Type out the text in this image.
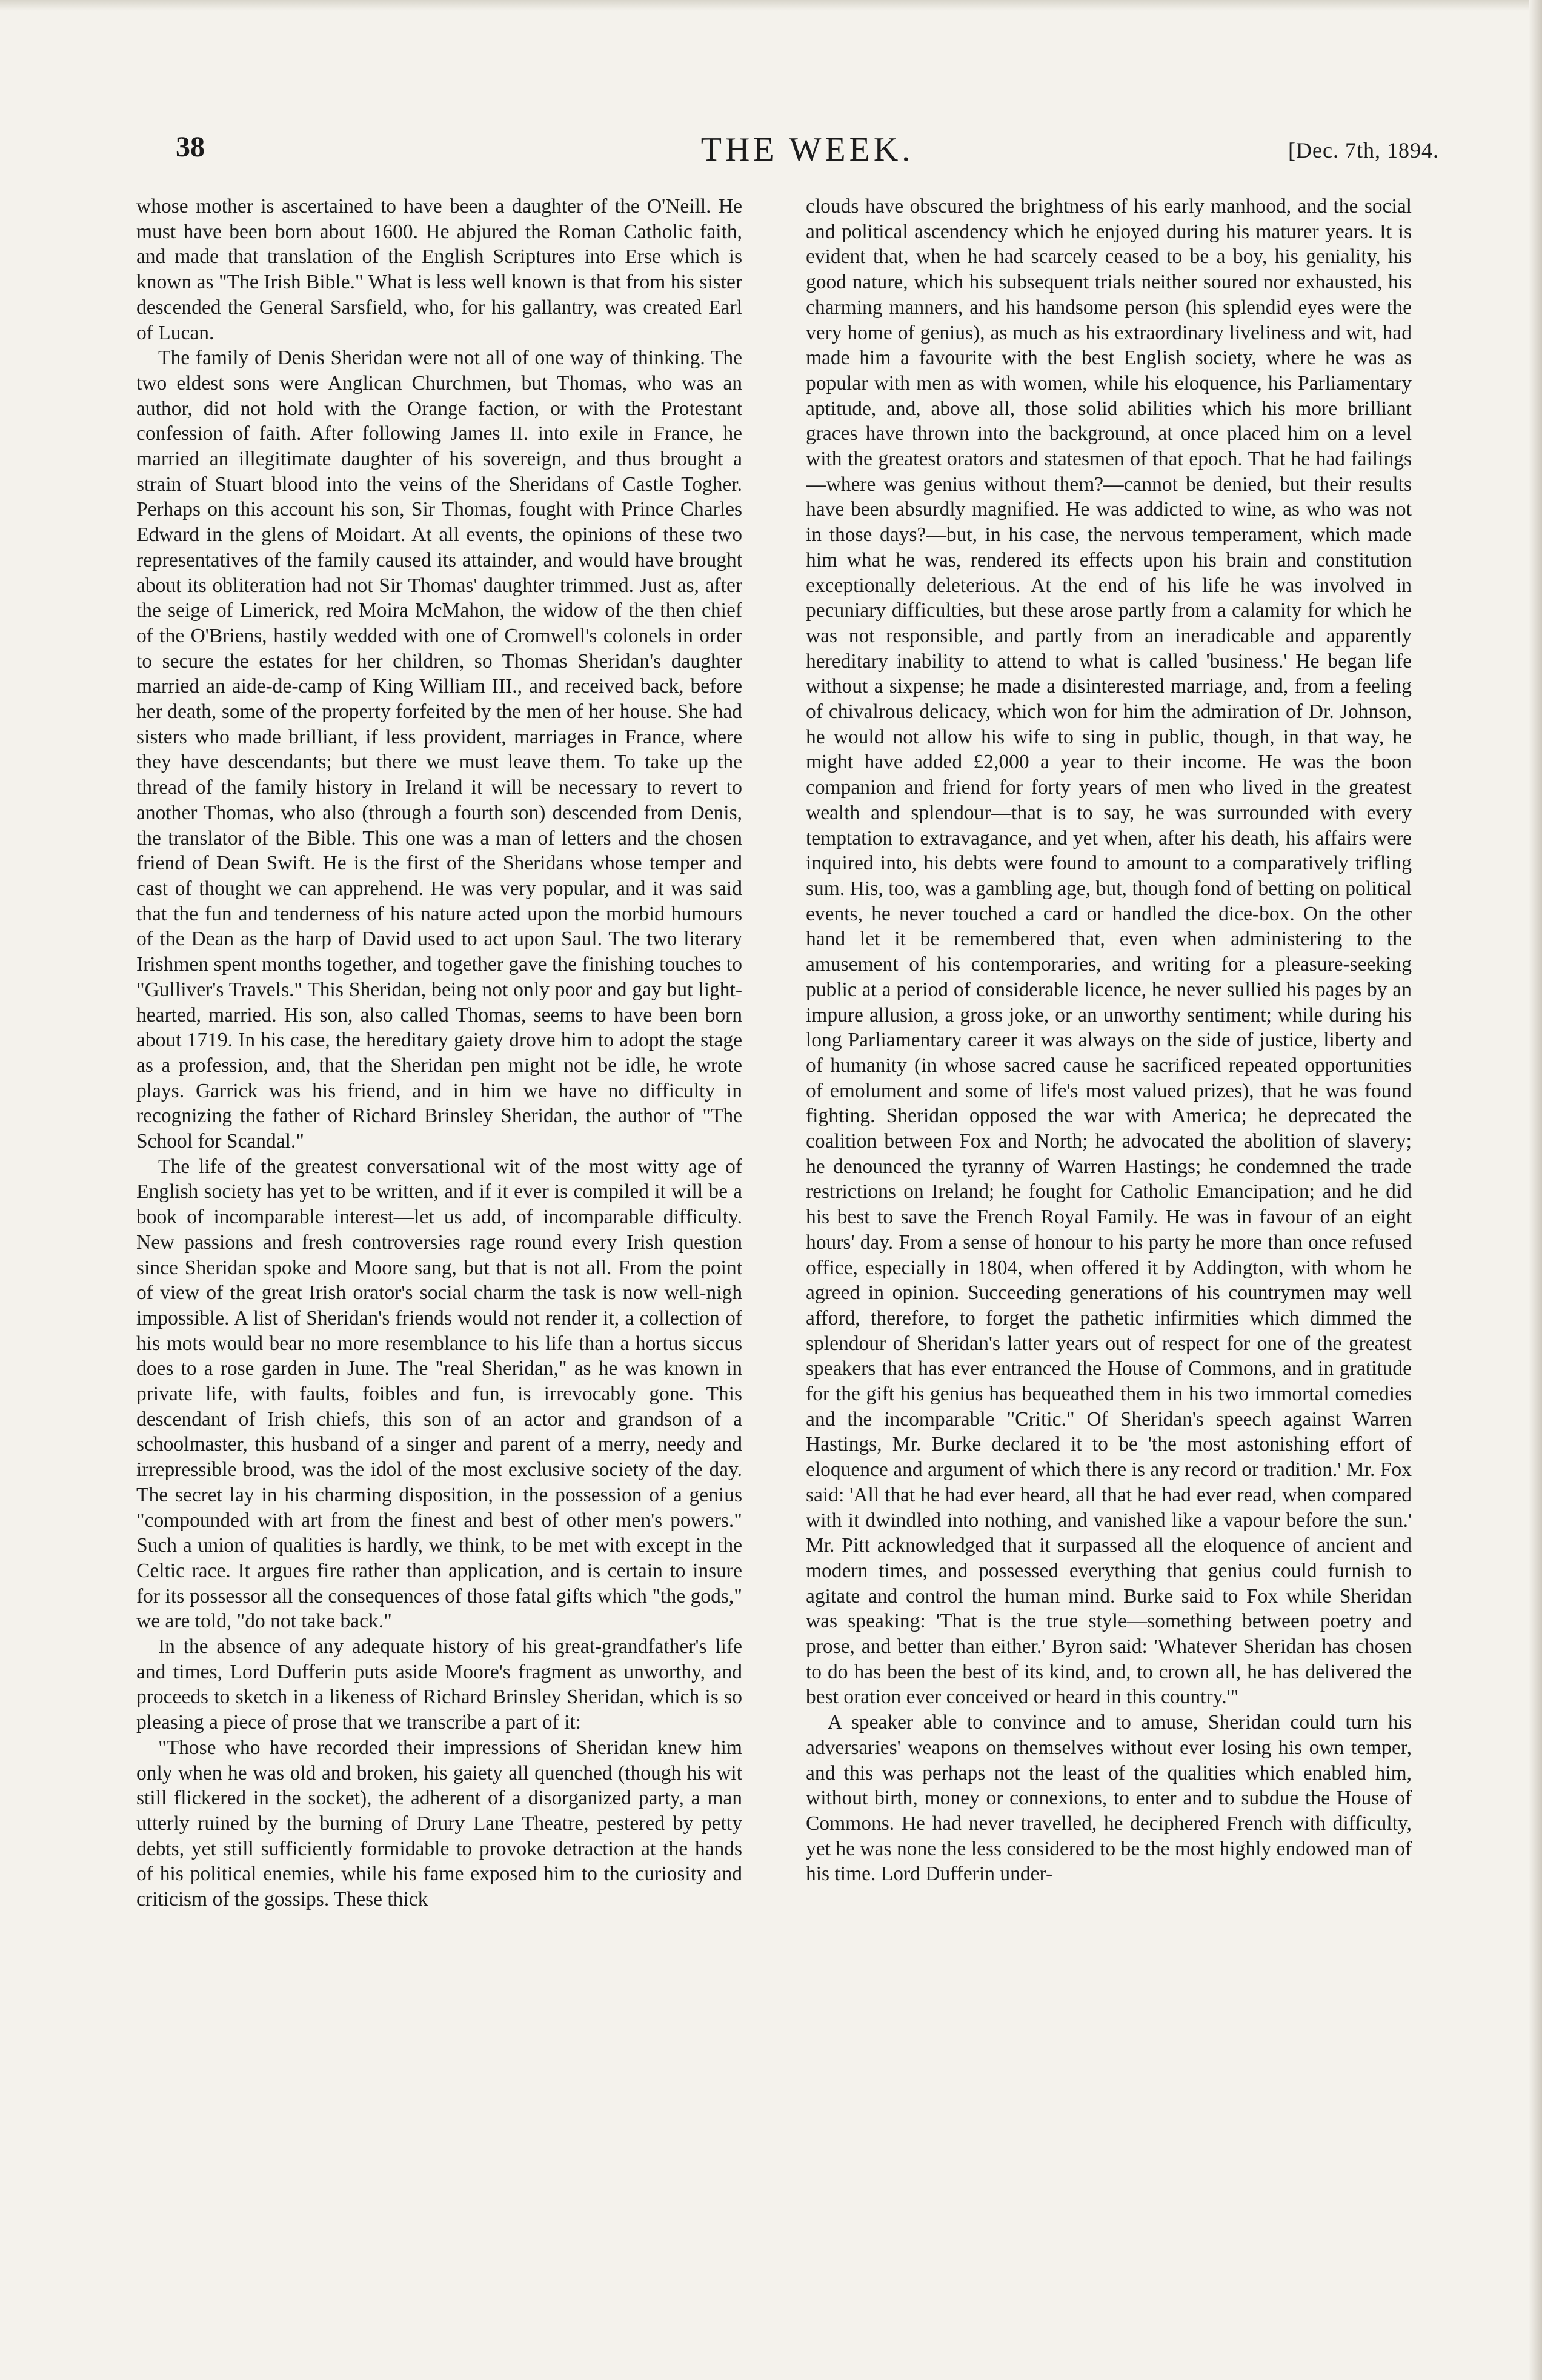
38	THE WEEK.	[Dec. 7th, 1894.

whose mother is ascertained to have been a daughter of the O'Neill. He must have been born about 1600. He abjured the Roman Catholic faith, and made that translation of the English Scriptures into Erse which is known as "The Irish Bible." What is less well known is that from his sister descended the General Sarsfield, who, for his gallantry, was created Earl of Lucan.

The family of Denis Sheridan were not all of one way of thinking. The two eldest sons were Anglican Churchmen, but Thomas, who was an author, did not hold with the Orange faction, or with the Protestant confession of faith. After following James II. into exile in France, he married an illegitimate daughter of his sovereign, and thus brought a strain of Stuart blood into the veins of the Sheridans of Castle Togher. Perhaps on this account his son, Sir Thomas, fought with Prince Charles Edward in the glens of Moidart. At all events, the opinions of these two representatives of the family caused its attainder, and would have brought about its obliteration had not Sir Thomas' daughter trimmed. Just as, after the seige of Limerick, red Moira McMahon, the widow of the then chief of the O'Briens, hastily wedded with one of Cromwell's colonels in order to secure the estates for her children, so Thomas Sheridan's daughter married an aide-de-camp of King William III., and received back, before her death, some of the property forfeited by the men of her house. She had sisters who made brilliant, if less provident, marriages in France, where they have descendants; but there we must leave them. To take up the thread of the family history in Ireland it will be necessary to revert to another Thomas, who also (through a fourth son) descended from Denis, the translator of the Bible. This one was a man of letters and the chosen friend of Dean Swift. He is the first of the Sheridans whose temper and cast of thought we can apprehend. He was very popular, and it was said that the fun and tenderness of his nature acted upon the morbid humours of the Dean as the harp of David used to act upon Saul. The two literary Irishmen spent months together, and together gave the finishing touches to "Gulliver's Travels." This Sheridan, being not only poor and gay but light-hearted, married. His son, also called Thomas, seems to have been born about 1719. In his case, the hereditary gaiety drove him to adopt the stage as a profession, and, that the Sheridan pen might not be idle, he wrote plays. Garrick was his friend, and in him we have no difficulty in recognizing the father of Richard Brinsley Sheridan, the author of "The School for Scandal."

The life of the greatest conversational wit of the most witty age of English society has yet to be written, and if it ever is compiled it will be a book of incomparable interest—let us add, of incomparable difficulty. New passions and fresh controversies rage round every Irish question since Sheridan spoke and Moore sang, but that is not all. From the point of view of the great Irish orator's social charm the task is now well-nigh impossible. A list of Sheridan's friends would not render it, a collection of his mots would bear no more resemblance to his life than a hortus siccus does to a rose garden in June. The "real Sheridan," as he was known in private life, with faults, foibles and fun, is irrevocably gone. This descendant of Irish chiefs, this son of an actor and grandson of a schoolmaster, this husband of a singer and parent of a merry, needy and irrepressible brood, was the idol of the most exclusive society of the day. The secret lay in his charming disposition, in the possession of a genius "compounded with art from the finest and best of other men's powers." Such a union of qualities is hardly, we think, to be met with except in the Celtic race. It argues fire rather than application, and is certain to insure for its possessor all the consequences of those fatal gifts which "the gods," we are told, "do not take back."

In the absence of any adequate history of his great-grandfather's life and times, Lord Dufferin puts aside Moore's fragment as unworthy, and proceeds to sketch in a likeness of Richard Brinsley Sheridan, which is so pleasing a piece of prose that we transcribe a part of it:

"Those who have recorded their impressions of Sheridan knew him only when he was old and broken, his gaiety all quenched (though his wit still flickered in the socket), the adherent of a disorganized party, a man utterly ruined by the burning of Drury Lane Theatre, pestered by petty debts, yet still sufficiently formidable to provoke detraction at the hands of his political enemies, while his fame exposed him to the curiosity and criticism of the gossips. These thick

clouds have obscured the brightness of his early manhood, and the social and political ascendency which he enjoyed during his maturer years. It is evident that, when he had scarcely ceased to be a boy, his geniality, his good nature, which his subsequent trials neither soured nor exhausted, his charming manners, and his handsome person (his splendid eyes were the very home of genius), as much as his extraordinary liveliness and wit, had made him a favourite with the best English society, where he was as popular with men as with women, while his eloquence, his Parliamentary aptitude, and, above all, those solid abilities which his more brilliant graces have thrown into the background, at once placed him on a level with the greatest orators and statesmen of that epoch. That he had failings—where was genius without them?—cannot be denied, but their results have been absurdly magnified. He was addicted to wine, as who was not in those days?—but, in his case, the nervous temperament, which made him what he was, rendered its effects upon his brain and constitution exceptionally deleterious. At the end of his life he was involved in pecuniary difficulties, but these arose partly from a calamity for which he was not responsible, and partly from an ineradicable and apparently hereditary inability to attend to what is called 'business.' He began life without a sixpense; he made a disinterested marriage, and, from a feeling of chivalrous delicacy, which won for him the admiration of Dr. Johnson, he would not allow his wife to sing in public, though, in that way, he might have added £2,000 a year to their income. He was the boon companion and friend for forty years of men who lived in the greatest wealth and splendour—that is to say, he was surrounded with every temptation to extravagance, and yet when, after his death, his affairs were inquired into, his debts were found to amount to a comparatively trifling sum. His, too, was a gambling age, but, though fond of betting on political events, he never touched a card or handled the dice-box. On the other hand let it be remembered that, even when administering to the amusement of his contemporaries, and writing for a pleasure-seeking public at a period of considerable licence, he never sullied his pages by an impure allusion, a gross joke, or an unworthy sentiment; while during his long Parliamentary career it was always on the side of justice, liberty and of humanity (in whose sacred cause he sacrificed repeated opportunities of emolument and some of life's most valued prizes), that he was found fighting. Sheridan opposed the war with America; he deprecated the coalition between Fox and North; he advocated the abolition of slavery; he denounced the tyranny of Warren Hastings; he condemned the trade restrictions on Ireland; he fought for Catholic Emancipation; and he did his best to save the French Royal Family. He was in favour of an eight hours' day. From a sense of honour to his party he more than once refused office, especially in 1804, when offered it by Addington, with whom he agreed in opinion. Succeeding generations of his countrymen may well afford, therefore, to forget the pathetic infirmities which dimmed the splendour of Sheridan's latter years out of respect for one of the greatest speakers that has ever entranced the House of Commons, and in gratitude for the gift his genius has bequeathed them in his two immortal comedies and the incomparable "Critic." Of Sheridan's speech against Warren Hastings, Mr. Burke declared it to be 'the most astonishing effort of eloquence and argument of which there is any record or tradition.' Mr. Fox said: 'All that he had ever heard, all that he had ever read, when compared with it dwindled into nothing, and vanished like a vapour before the sun.' Mr. Pitt acknowledged that it surpassed all the eloquence of ancient and modern times, and possessed everything that genius could furnish to agitate and control the human mind. Burke said to Fox while Sheridan was speaking: 'That is the true style—something between poetry and prose, and better than either.' Byron said: 'Whatever Sheridan has chosen to do has been the best of its kind, and, to crown all, he has delivered the best oration ever conceived or heard in this country.'"

A speaker able to convince and to amuse, Sheridan could turn his adversaries' weapons on themselves without ever losing his own temper, and this was perhaps not the least of the qualities which enabled him, without birth, money or connexions, to enter and to subdue the House of Commons. He had never travelled, he deciphered French with difficulty, yet he was none the less considered to be the most highly endowed man of his time. Lord Dufferin under-
